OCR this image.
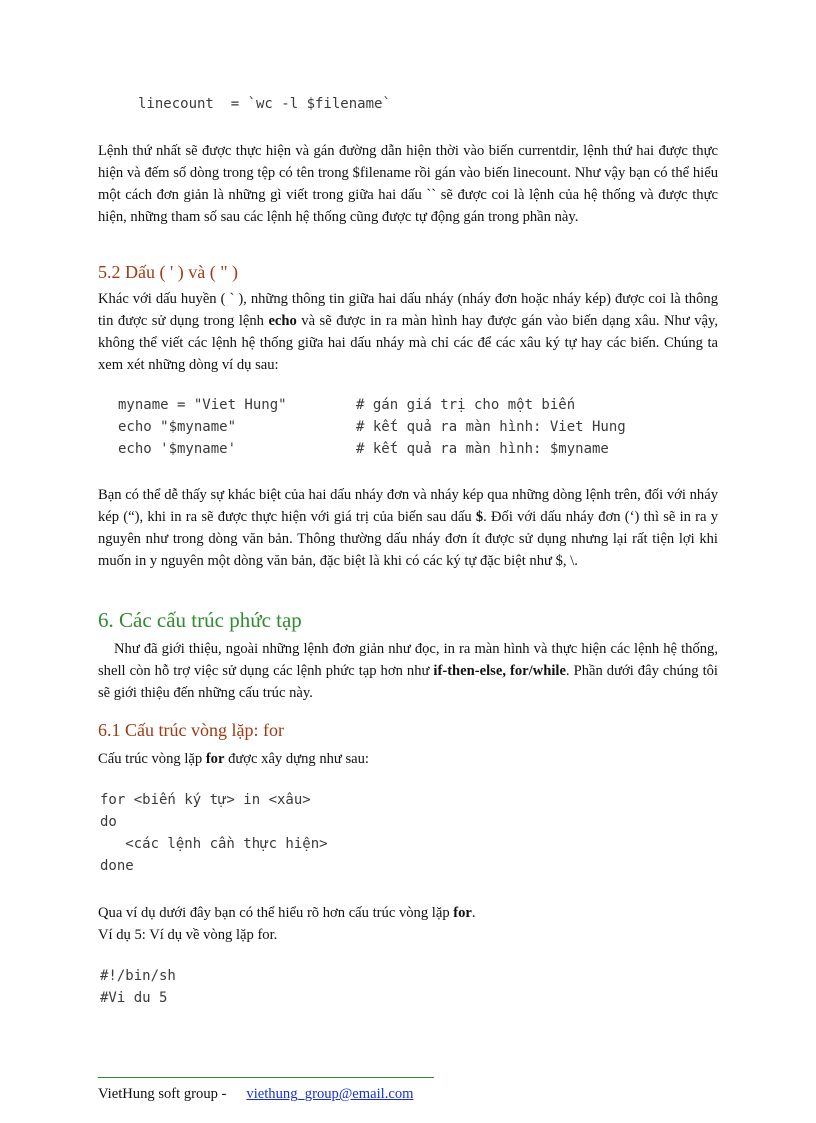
linecount  = `wc -l $filename`

Lệnh thứ nhất sẽ được thực hiện và gán đường dẫn hiện thời vào biến currentdir, lệnh thứ hai được thực hiện và đếm số dòng trong tệp có tên trong $filename rồi gán vào biến linecount. Như vậy bạn có thể hiểu một cách đơn giản là những gì viết trong giữa hai dấu `` sẽ được coi là lệnh của hệ thống và được thực hiện, những tham số sau các lệnh hệ thống cũng được tự động gán trong phần này.

5.2 Dấu ( ' ) và ( " )

Khác với dấu huyền ( ` ), những thông tin giữa hai dấu nháy (nháy đơn hoặc nháy kép) được coi là thông tin được sử dụng trong lệnh echo và sẽ được in ra màn hình hay được gán vào biến dạng xâu. Như vậy, không thể viết các lệnh hệ thống giữa hai dấu nháy mà chỉ các để các xâu ký tự hay các biến. Chúng ta xem xét những dòng ví dụ sau:

myname = "Viet Hung"	# gán giá trị cho một biến
echo "$myname"	# kết quả ra màn hình: Viet Hung
echo '$myname'	# kết quả ra màn hình: $myname

Bạn có thể dễ thấy sự khác biệt của hai dấu nháy đơn và nháy kép qua những dòng lệnh trên, đối với nháy kép (“), khi in ra sẽ được thực hiện với giá trị của biến sau dấu $. Đối với dấu nháy đơn (‘) thì sẽ in ra y nguyên như trong dòng văn bản. Thông thường dấu nháy đơn ít được sử dụng nhưng lại rất tiện lợi khi muốn in y nguyên một dòng văn bản, đặc biệt là khi có các ký tự đặc biệt như $, \.

6. Các cấu trúc phức tạp

Như đã giới thiệu, ngoài những lệnh đơn giản như đọc, in ra màn hình và thực hiện các lệnh hệ thống, shell còn hỗ trợ việc sử dụng các lệnh phức tạp hơn như if-then-else, for/while. Phần dưới đây chúng tôi sẽ giới thiệu đến những cấu trúc này.

6.1 Cấu trúc vòng lặp: for

Cấu trúc vòng lặp for được xây dựng như sau:

for <biến ký tự> in <xâu>
do
<các lệnh cần thực hiện>
done

Qua ví dụ dưới đây bạn có thể hiểu rõ hơn cấu trúc vòng lặp for.

Ví dụ 5: Ví dụ về vòng lặp for.

#!/bin/sh
#Vi du 5
VietHung soft group - viethung_group@email.com
